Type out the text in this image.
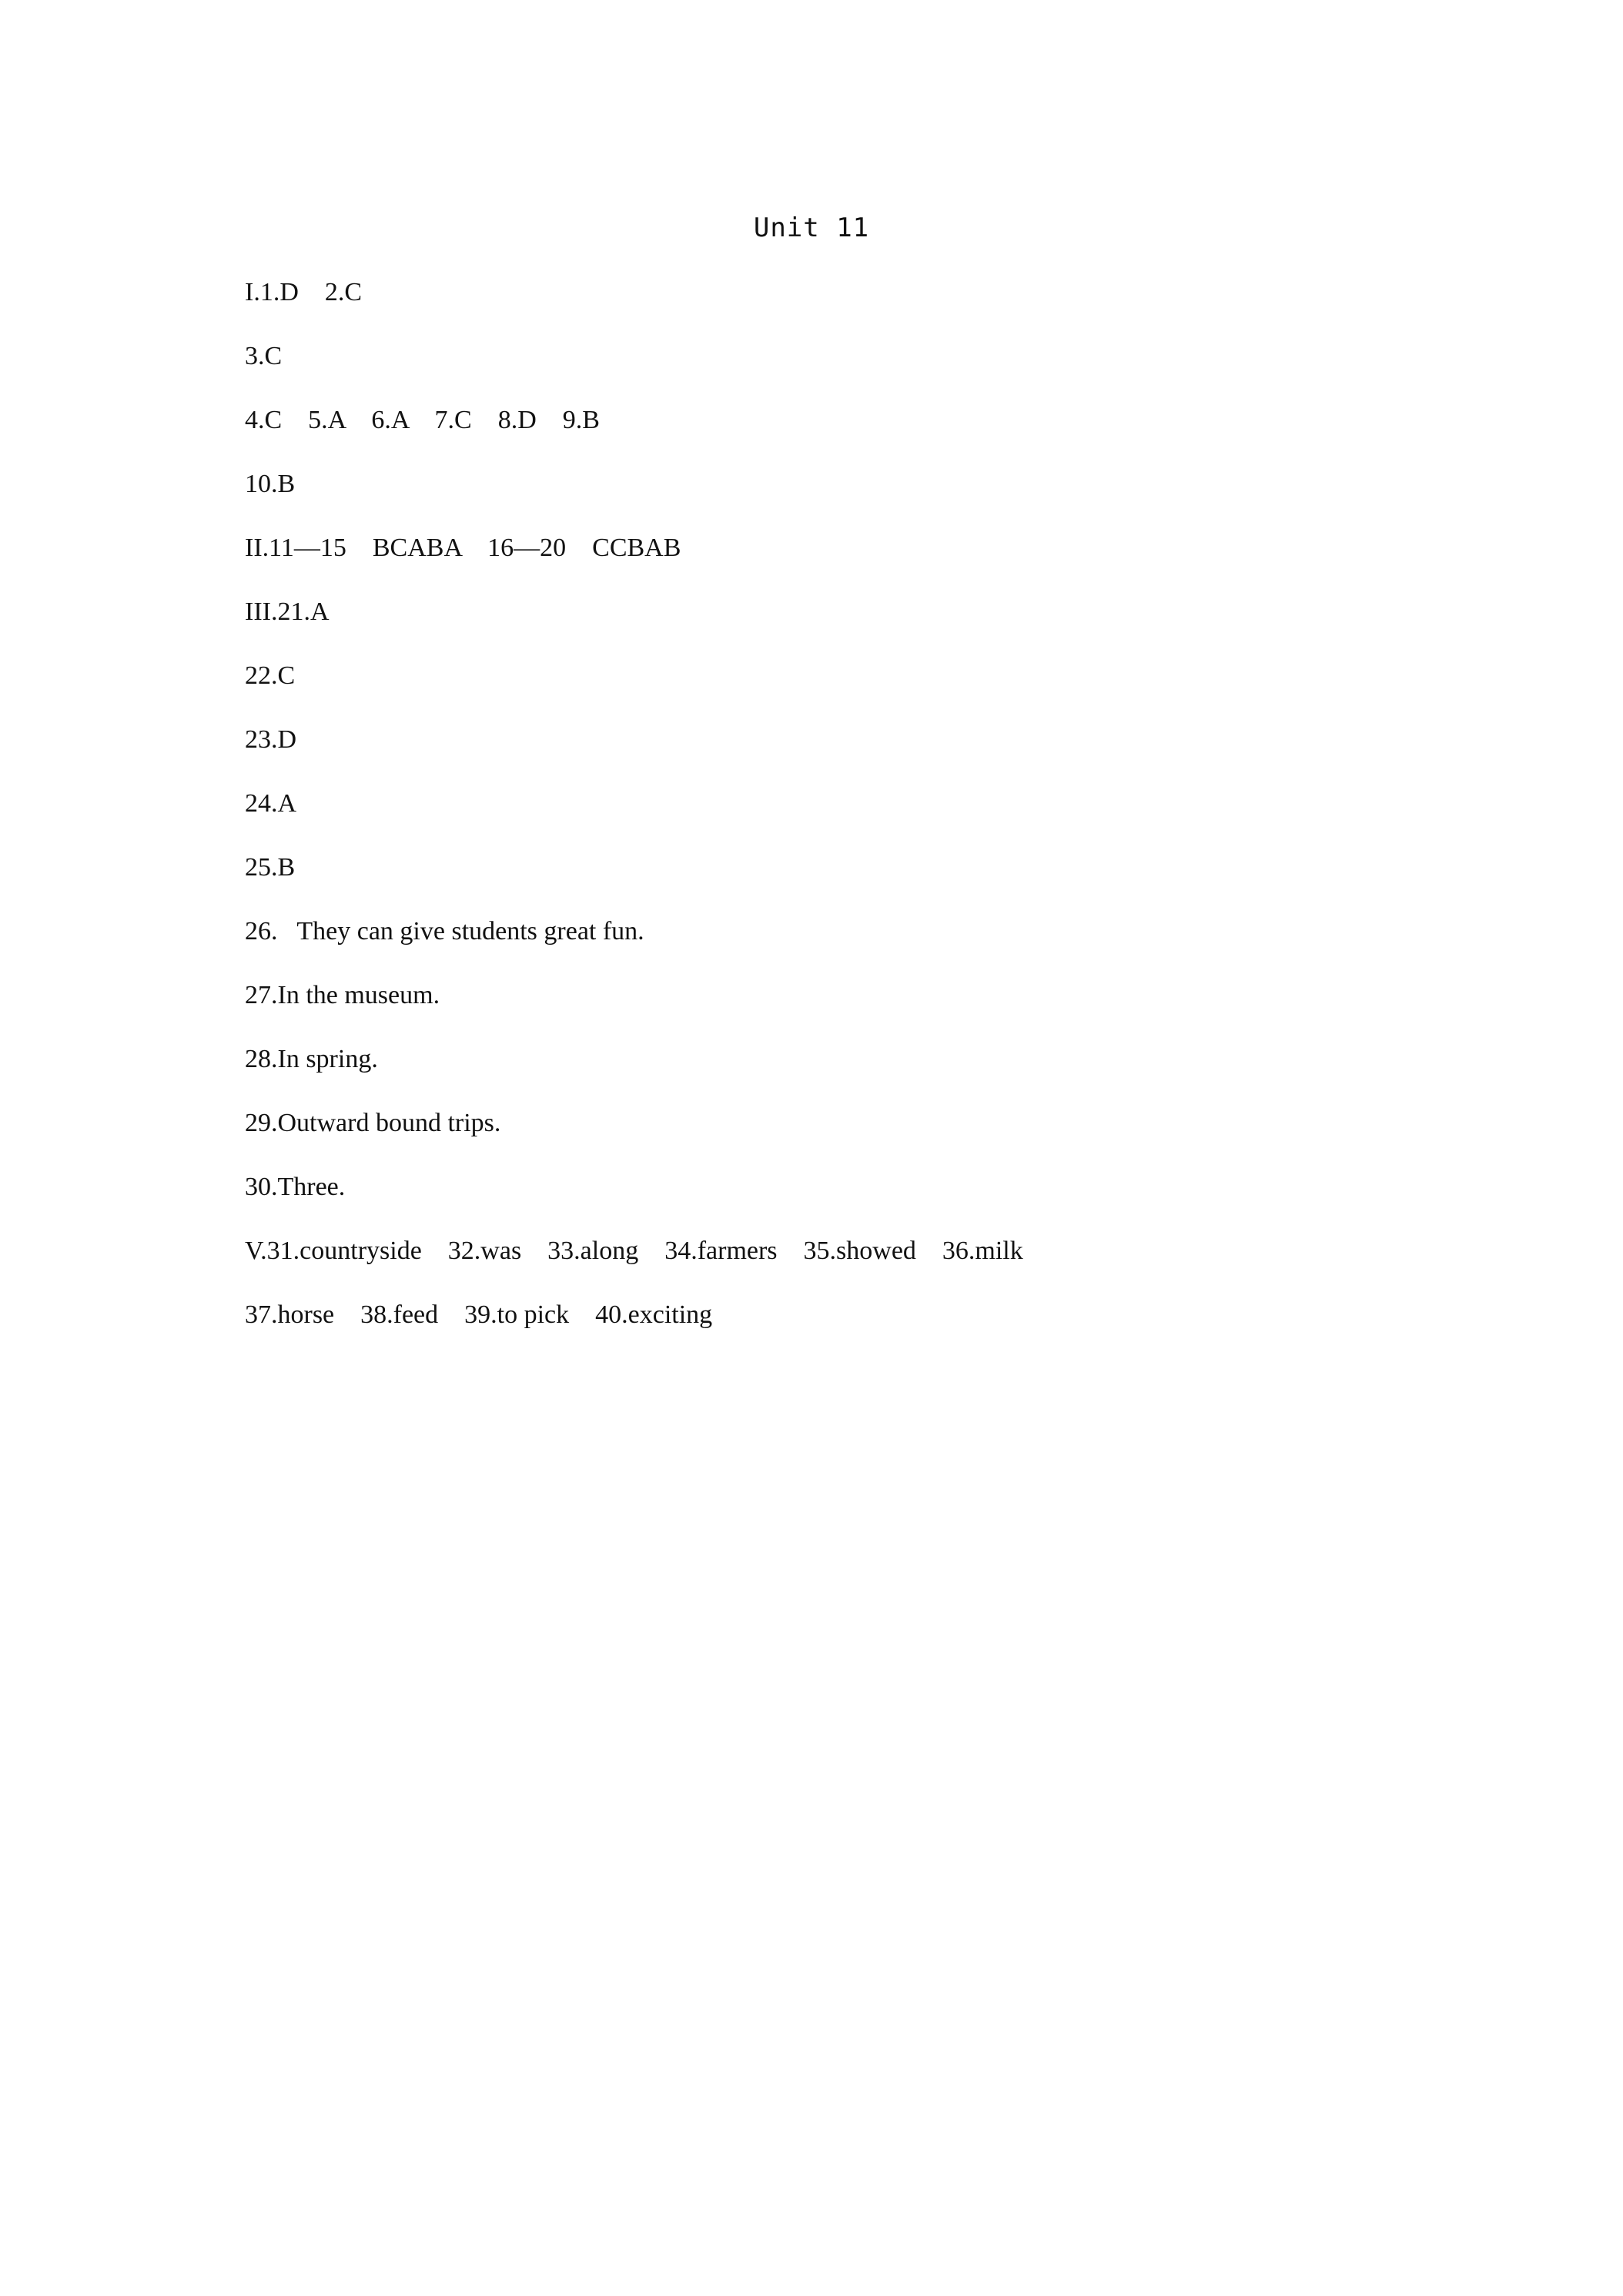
Unit 11
I.1.D    2.C
3.C
4.C    5.A    6.A    7.C    8.D    9.B
10.B
II.11—15    BCABA    16—20    CCBAB
III.21.A
22.C
23.D
24.A
25.B
26.   They can give students great fun.
27.In the museum.
28.In spring.
29.Outward bound trips.
30.Three.
V.31.countryside    32.was    33.along    34.farmers    35.showed    36.milk
37.horse    38.feed    39.to pick    40.exciting
